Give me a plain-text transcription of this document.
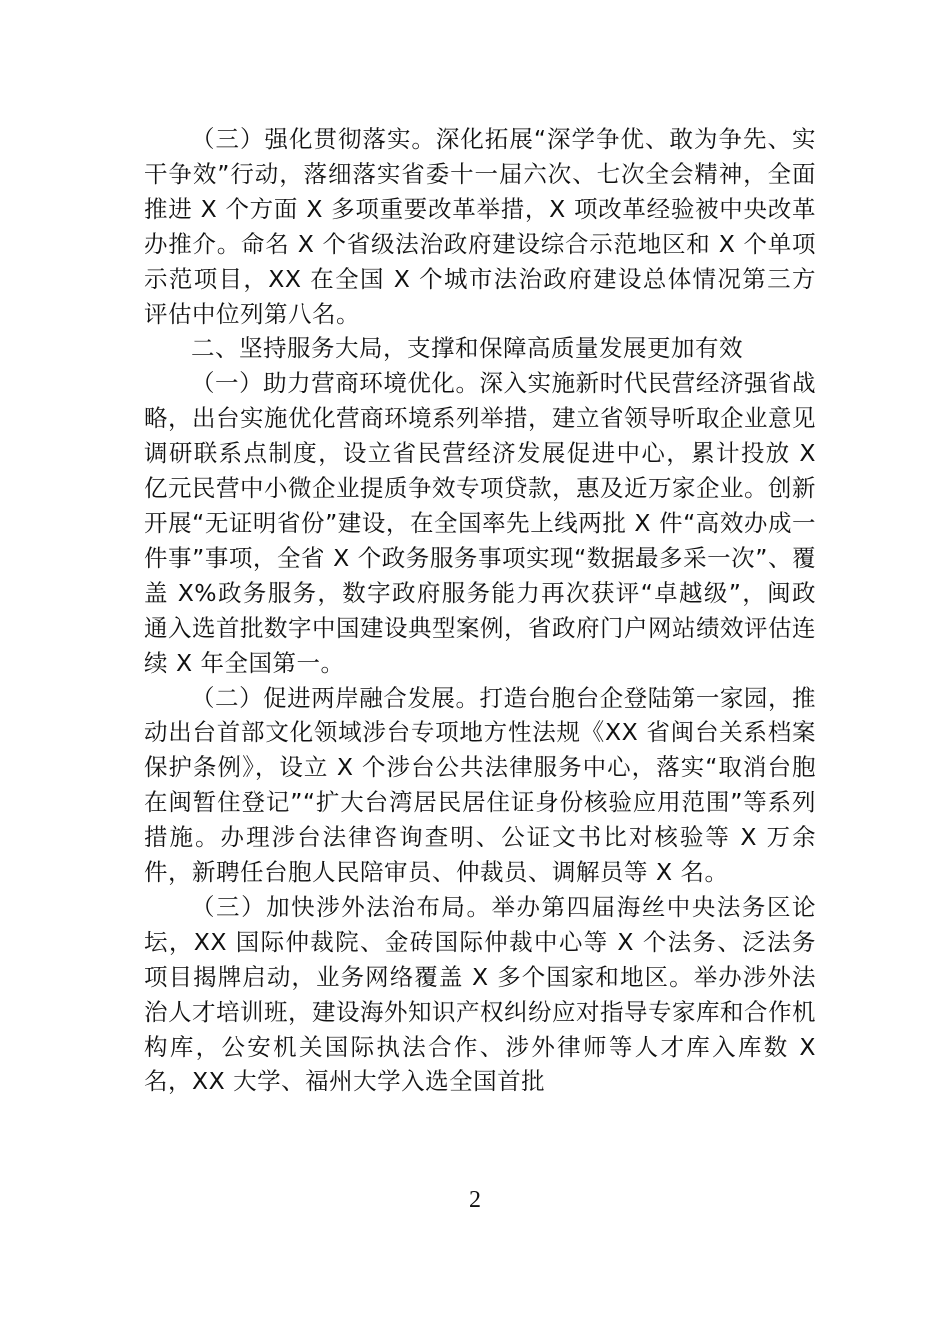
（三）强化贯彻落实。深化拓展“深学争优、敢为争先、实干争效”行动，落细落实省委十一届六次、七次全会精神，全面推进 X 个方面 X 多项重要改革举措，X 项改革经验被中央改革办推介。命名 X 个省级法治政府建设综合示范地区和 X 个单项示范项目，XX 在全国 X 个城市法治政府建设总体情况第三方评估中位列第八名。

二、坚持服务大局，支撑和保障高质量发展更加有效

（一）助力营商环境优化。深入实施新时代民营经济强省战略，出台实施优化营商环境系列举措，建立省领导听取企业意见调研联系点制度，设立省民营经济发展促进中心，累计投放 X 亿元民营中小微企业提质争效专项贷款，惠及近万家企业。创新开展“无证明省份”建设，在全国率先上线两批 X 件“高效办成一件事”事项，全省 X 个政务服务事项实现“数据最多采一次”、覆盖 X%政务服务，数字政府服务能力再次获评“卓越级”，闽政通入选首批数字中国建设典型案例，省政府门户网站绩效评估连续 X 年全国第一。

（二）促进两岸融合发展。打造台胞台企登陆第一家园，推动出台首部文化领域涉台专项地方性法规《XX 省闽台关系档案保护条例》，设立 X 个涉台公共法律服务中心，落实“取消台胞在闽暂住登记”“扩大台湾居民居住证身份核验应用范围”等系列措施。办理涉台法律咨询查明、公证文书比对核验等 X 万余件，新聘任台胞人民陪审员、仲裁员、调解员等 X 名。

（三）加快涉外法治布局。举办第四届海丝中央法务区论坛，XX 国际仲裁院、金砖国际仲裁中心等 X 个法务、泛法务项目揭牌启动，业务网络覆盖 X 多个国家和地区。举办涉外法治人才培训班，建设海外知识产权纠纷应对指导专家库和合作机构库，公安机关国际执法合作、涉外律师等人才库入库数 X 名，XX 大学、福州大学入选全国首批

2
